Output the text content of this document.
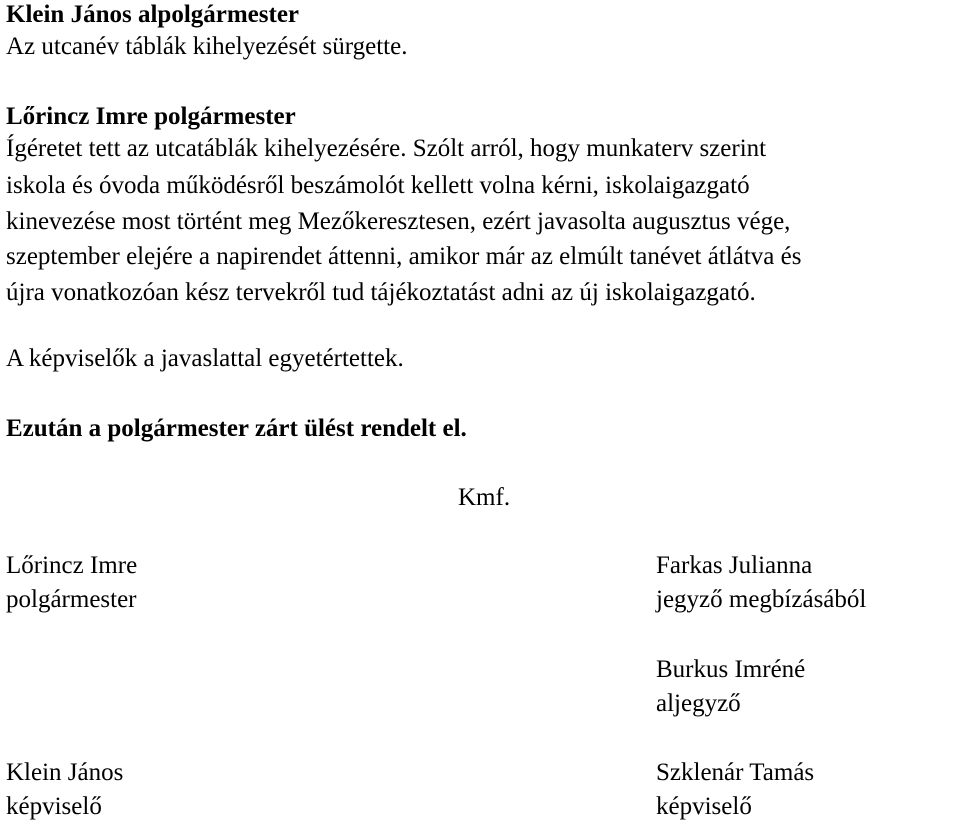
Klein János alpolgármester

Az utcanév táblák kihelyezését sürgette.

Lőrincz Imre polgármester

Ígéretet tett az utcatáblák kihelyezésére. Szólt arról, hogy munkaterv szerint

iskola és óvoda működésről beszámolót kellett volna kérni, iskolaigazgató

kinevezése most történt meg Mezőkeresztesen, ezért javasolta augusztus vége,

szeptember elejére a napirendet áttenni, amikor már az elmúlt tanévet átlátva és

újra vonatkozóan kész tervekről tud tájékoztatást adni az új iskolaigazgató.

A képviselők a javaslattal egyetértettek.

Ezután a polgármester zárt ülést rendelt el.

Kmf.

Lőrincz Imre
polgármester
Farkas Julianna
jegyző megbízásából
Burkus Imréné
aljegyző
Klein János
képviselő
Szklenár Tamás
képviselő
